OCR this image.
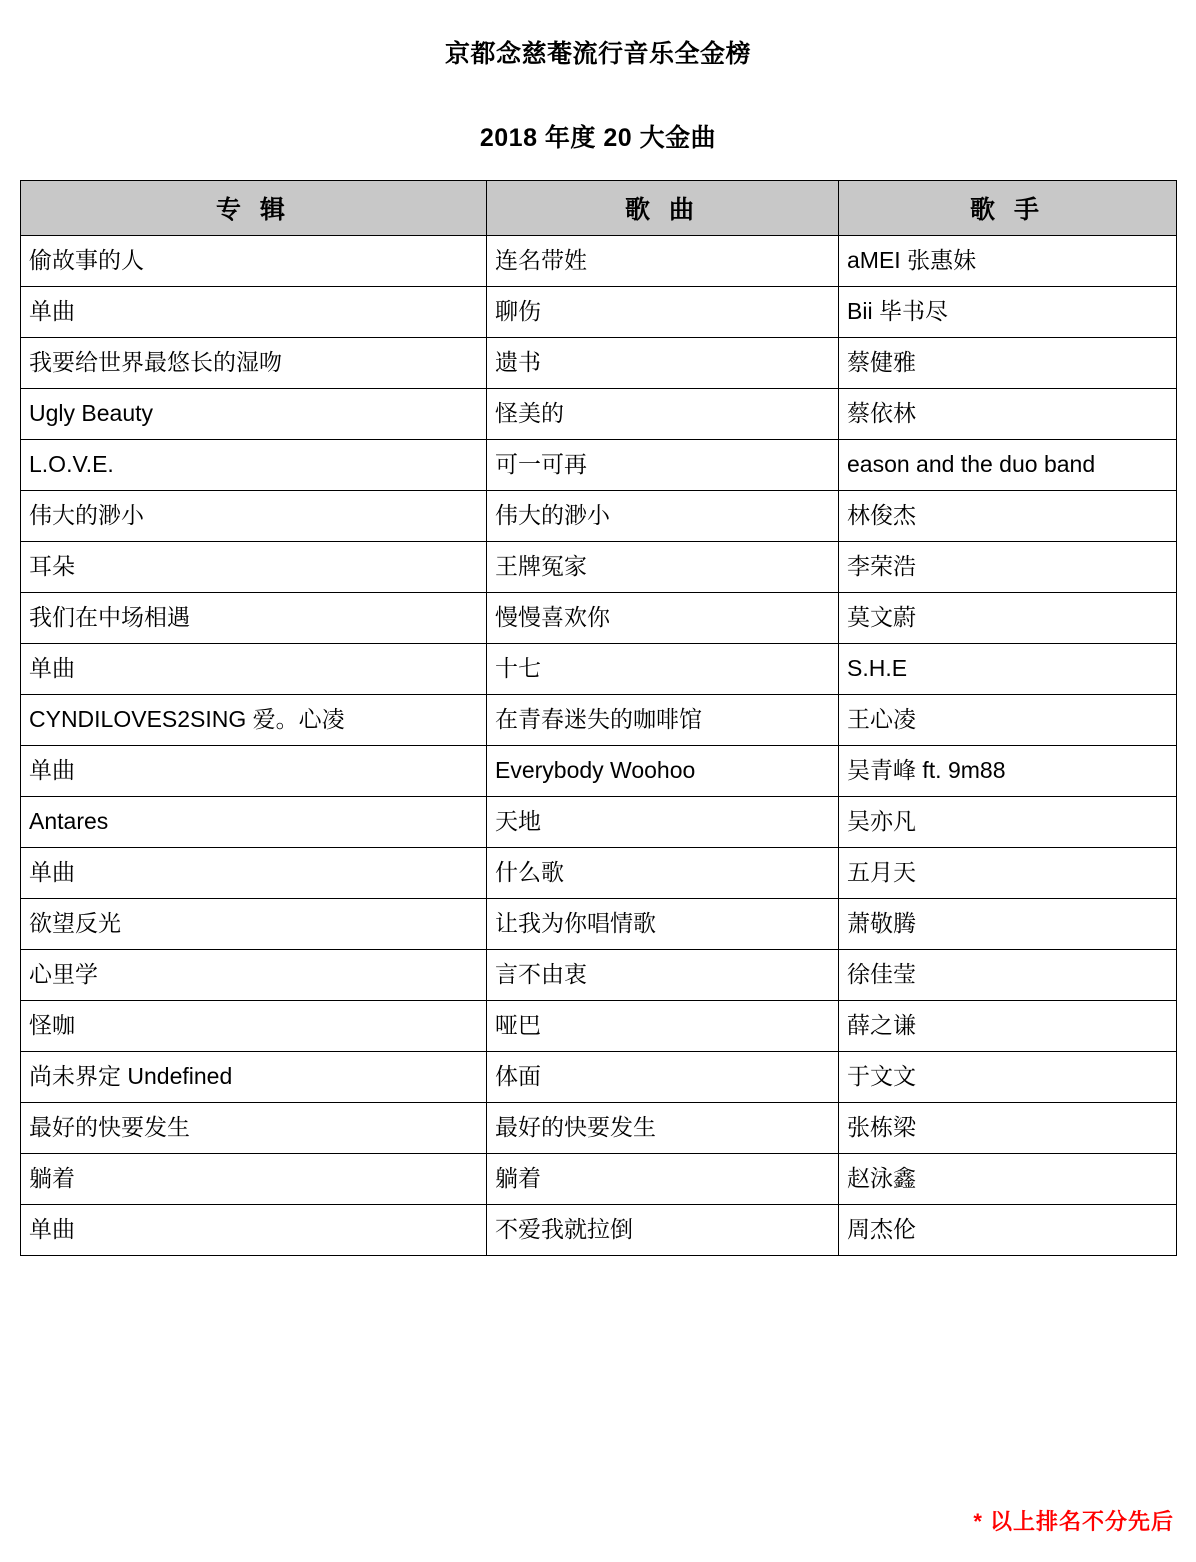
京都念慈菴流行音乐全金榜
2018 年度 20 大金曲
专 辑	歌 曲	歌 手
偷故事的人	连名带姓	aMEI 张惠妹
单曲	聊伤	Bii 毕书尽
我要给世界最悠长的湿吻	遗书	蔡健雅
Ugly Beauty	怪美的	蔡依林
L.O.V.E.	可一可再	eason and the duo band
伟大的渺小	伟大的渺小	林俊杰
耳朵	王牌冤家	李荣浩
我们在中场相遇	慢慢喜欢你	莫文蔚
单曲	十七	S.H.E
CYNDILOVES2SING 爱。心凌	在青春迷失的咖啡馆	王心凌
单曲	Everybody Woohoo	吴青峰 ft. 9m88
Antares	天地	吴亦凡
单曲	什么歌	五月天
欲望反光	让我为你唱情歌	萧敬腾
心里学	言不由衷	徐佳莹
怪咖	哑巴	薛之谦
尚未界定 Undefined	体面	于文文
最好的快要发生	最好的快要发生	张栋梁
躺着	躺着	赵泳鑫
单曲	不爱我就拉倒	周杰伦
* 以上排名不分先后
